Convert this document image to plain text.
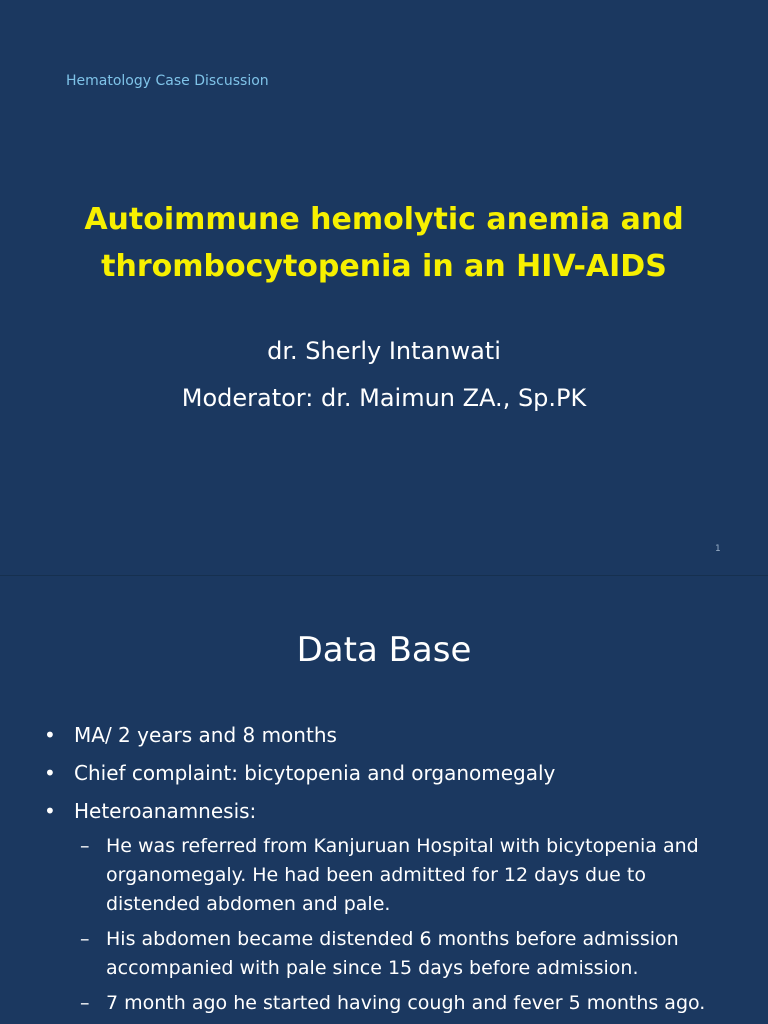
Hematology Case Discussion
Autoimmune hemolytic anemia and
thrombocytopenia in an HIV-AIDS
dr. Sherly Intanwati
Moderator: dr. Maimun ZA., Sp.PK
1
Data Base
• MA/ 2 years and 8 months
• Chief complaint: bicytopenia and organomegaly
• Heteroanamnesis:
– He was referred from Kanjuruan Hospital with bicytopenia and organomegaly. He had been admitted for 12 days due to distended abdomen and pale.
– His abdomen became distended 6 months before admission accompanied with pale since 15 days before admission.
– 7 month ago he started having cough and fever 5 months ago.
